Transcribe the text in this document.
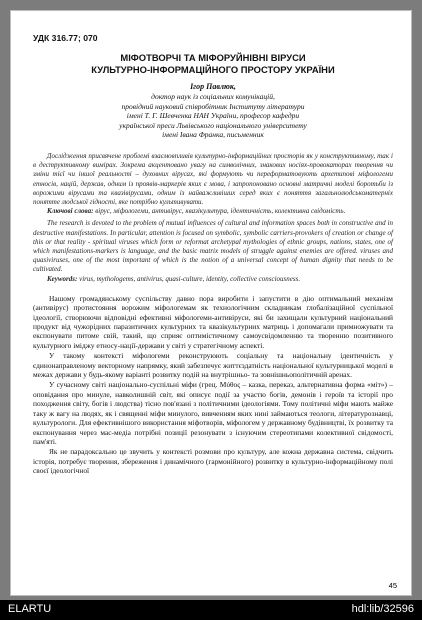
УДК 316.77; 070
МІФОТВОРЧІ ТА МІФОРУЙНІВНІ ВІРУСИ
КУЛЬТУРНО-ІНФОРМАЦІЙНОГО ПРОСТОРУ УКРАЇНИ
Ігор Павлюк,
доктор наук із соціальних комунікацій,
провідний науковий співробітник Інституту літератури
імені Т. Г. Шевченка НАН України, професор кафедри
української преси Львівського національного університету
імені Івана Франка, письменник

Дослідження присвячене проблемі взаємовпливів культурно-інформаційних просторів як у конструктивному, так і в деструктивному вимірах. Зокрема акцентовано увагу на символічних, знакових носіях-провокаторах творення чи зміни тієї чи іншої реальності – духовних вірусах, які формують чи переформатовують архетипові міфологеми етносів, націй, держав, одним із проявів-маркерів яких є мова, і запропоновано основні матричні моделі боротьби із ворожими вірусами та квазівірусами, одним із найважливіших серед яких є поняття загальнолюдськоматерніх понятте людської гідності, яке потрібно культивувати.

Ключові слова: вірус, міфологеми, антивірус, квазікультура, ідентичність, колективна свідомість.

The research is devoted to the problem of mutual influences of cultural and information spaces both in constructive and in destructive manifestations. In particular, attention is focused on symbolic, symbolic carriers-provokers of creation or change of this or that reality - spiritual viruses which form or reformat archetypal mythologies of ethnic groups, nations, states, one of which manifestations-markers is language, and the basic matrix models of struggle against enemies are offered. viruses and quasiviruses, one of the most important of which is the notion of a universal concept of human dignity that needs to be cultivated.

Keywords: virus, mythologems, antivirus, quasi-culture, identity, collective consciousness.

Нашому громадянському суспільству давно пора виробити і запустити в дію оптимальний механізм (антивірус) протистояння ворожим міфологемам як технологічним складникам глобалізаційної суспільної ідеології, створюючи відповідні ефективні міфологеми-антивіруси, які би захищали культурний національний продукт від чужорідних паразитичних культурних та квазікультурних матриць і допомагали примножувати та експонувати питоме свій, такий, що сприяє оптимістичному самоусвідомленню та творенню позитивного культурного іміджу етносу-нації-держави у світі у стратегічному аспекті.

У такому контексті міфологеми реконструюють соціальну та національну ідентичність у єдинонаправленому векторному напрямку, який забезпечує життєздатність національної культурницької моделі в межах держави у будь-якому варіанті розвитку подій на внутрішньо- та зовнішньополітичній аренах.

У сучасному світі національно-суспільні міфи (грец. Μύθος – казка, переказ, альтернативна форма «міт») – оповідання про минуле, навколишній світ, які описує події за участю богів, демонів і героїв та історії про походження світу, богів і людства) тісно пов'язані з політичними ідеологіями. Тому політичні міфи мають майже таку ж вагу на людях, як і священні міфи минулого, вивченням яких нині займаються теологи, літературознавці, культурологи. Для ефективнішого використання міфотворів, міфологем у державному будівництві, їх розвитку та експонування через мас-медіа потрібні позиції резонувати з існуючим стереотипами колективної свідомості, пам'яті.

Як не парадоксально це звучить у контексті розмови про культуру, але кожна державна система, свідчить історія, потребує творення, збереження і динамічного (гармонійного) розвитку в культурно-інформаційному полі своєї ідеологічної

45
ELARTU	hdl:lib/32596
